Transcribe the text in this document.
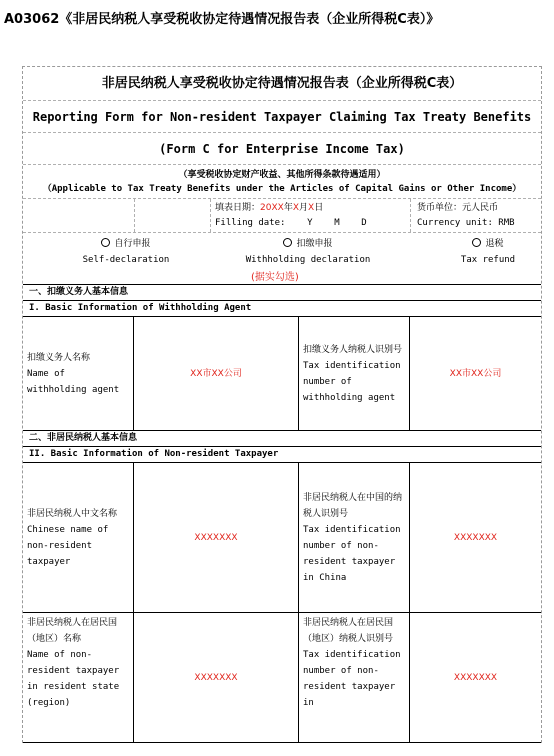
A03062《非居民纳税人享受税收协定待遇情况报告表（企业所得税C表）》
非居民纳税人享受税收协定待遇情况报告表（企业所得税C表）
Reporting Form for Non-resident Taxpayer Claiming Tax Treaty Benefits
(Form C for Enterprise Income Tax)
（享受税收协定财产收益、其他所得条款待遇适用）
（Applicable to Tax Treaty Benefits under the Articles of Capital Gains or Other Income）
填表日期：20XX年X月X日
Filling date:    Y    M    D
货币单位：元人民币
Currency unit: RMB
自行申报
Self-declaration
扣缴申报
Withholding declaration
退税
Tax refund
(据实勾选)
一、扣缴义务人基本信息
I. Basic Information of Withholding Agent
扣缴义务人名称
Name of withholding agent
XX市XX公司
扣缴义务人纳税人识别号
Tax identification number of withholding agent
XX市XX公司
二、非居民纳税人基本信息
II. Basic Information of Non-resident Taxpayer
非居民纳税人中文名称
Chinese name of non-resident taxpayer
XXXXXXX
非居民纳税人在中国的纳税人识别号
Tax identification number of non-resident taxpayer in China
XXXXXXX
非居民纳税人在居民国（地区）名称
Name of non-resident taxpayer in resident state (region)
XXXXXXX
非居民纳税人在居民国（地区）纳税人识别号
Tax identification number of non-resident taxpayer in
XXXXXXX
